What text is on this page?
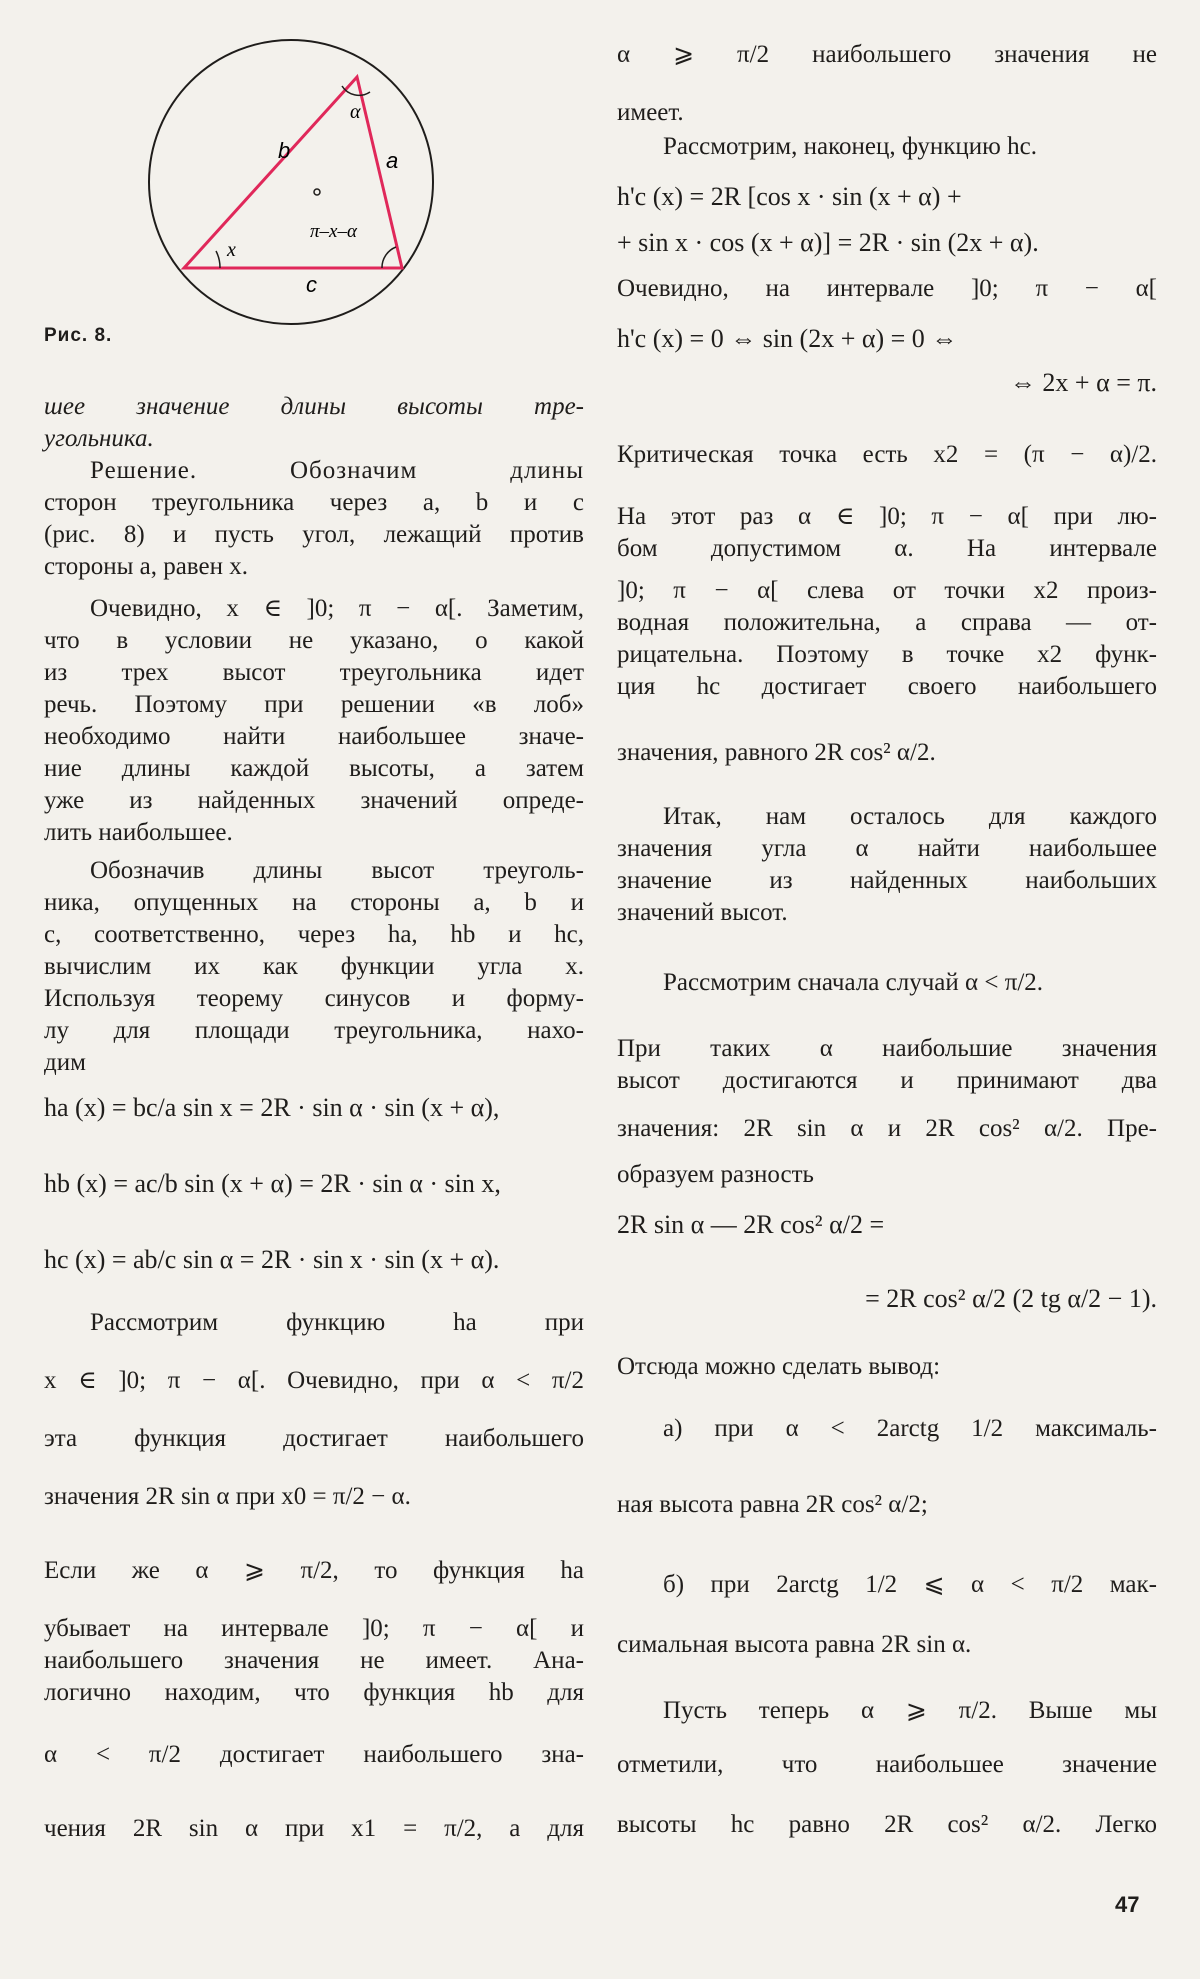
b	a
c
x
α
π–x–α
Рис. 8.
шее значение длины высоты тре-
угольника.
Решение. Обозначим длины
сторон треугольника через a, b и c
(рис. 8) и пусть угол, лежащий против
стороны a, равен x.
Очевидно, x ∈ ]0; π − α[. Заметим,
что в условии не указано, о какой
из трех высот треугольника идет
речь. Поэтому при решении «в лоб»
необходимо найти наибольшее значе-
ние длины каждой высоты, а затем
уже из найденных значений опреде-
лить наибольшее.
Обозначив длины высот треуголь-
ника, опущенных на стороны a, b и
c, соответственно, через ha, hb и hc,
вычислим их как функции угла x.
Используя теорему синусов и форму-
лу для площади треугольника, нахо-
дим
ha (x) = bc/a sin x = 2R · sin α · sin (x + α),
hb (x) = ac/b sin (x + α) = 2R · sin α · sin x,
hc (x) = ab/c sin α = 2R · sin x · sin (x + α).
Рассмотрим функцию ha при
x ∈ ]0; π − α[. Очевидно, при α < π/2
эта функция достигает наибольшего
значения 2R sin α при x0 = π/2 − α.
Если же α ⩾ π/2, то функция ha
убывает на интервале ]0; π − α[ и
наибольшего значения не имеет. Ана-
логично находим, что функция hb для
α < π/2 достигает наибольшего зна-
чения 2R sin α при x1 = π/2, а для
α ⩾ π/2 наибольшего значения не
имеет.
Рассмотрим, наконец, функцию hc.
h'c (x) = 2R [cos x · sin (x + α) +
+ sin x · cos (x + α)] = 2R · sin (2x + α).
Очевидно, на интервале ]0; π − α[
h'c (x) = 0 ⇔ sin (2x + α) = 0 ⇔
⇔ 2x + α = π.
Критическая точка есть x2 = (π − α)/2.
На этот раз α ∈ ]0; π − α[ при лю-
бом допустимом α. На интервале
]0; π − α[ слева от точки x2 произ-
водная положительна, а справа — от-
рицательна. Поэтому в точке x2 функ-
ция hc достигает своего наибольшего
значения, равного 2R cos² α/2.
Итак, нам осталось для каждого
значения угла α найти наибольшее
значение из найденных наибольших
значений высот.
Рассмотрим сначала случай α < π/2.
При таких α наибольшие значения
высот достигаются и принимают два
значения: 2R sin α и 2R cos² α/2. Пре-
образуем разность
2R sin α — 2R cos² α/2 =
= 2R cos² α/2 (2 tg α/2 − 1).
Отсюда можно сделать вывод:
а) при α < 2arctg 1/2 максималь-
ная высота равна 2R cos² α/2;
б) при 2arctg 1/2 ⩽ α < π/2 мак-
симальная высота равна 2R sin α.
Пусть теперь α ⩾ π/2. Выше мы
отметили, что наибольшее значение
высоты hc равно 2R cos² α/2. Легко
47
